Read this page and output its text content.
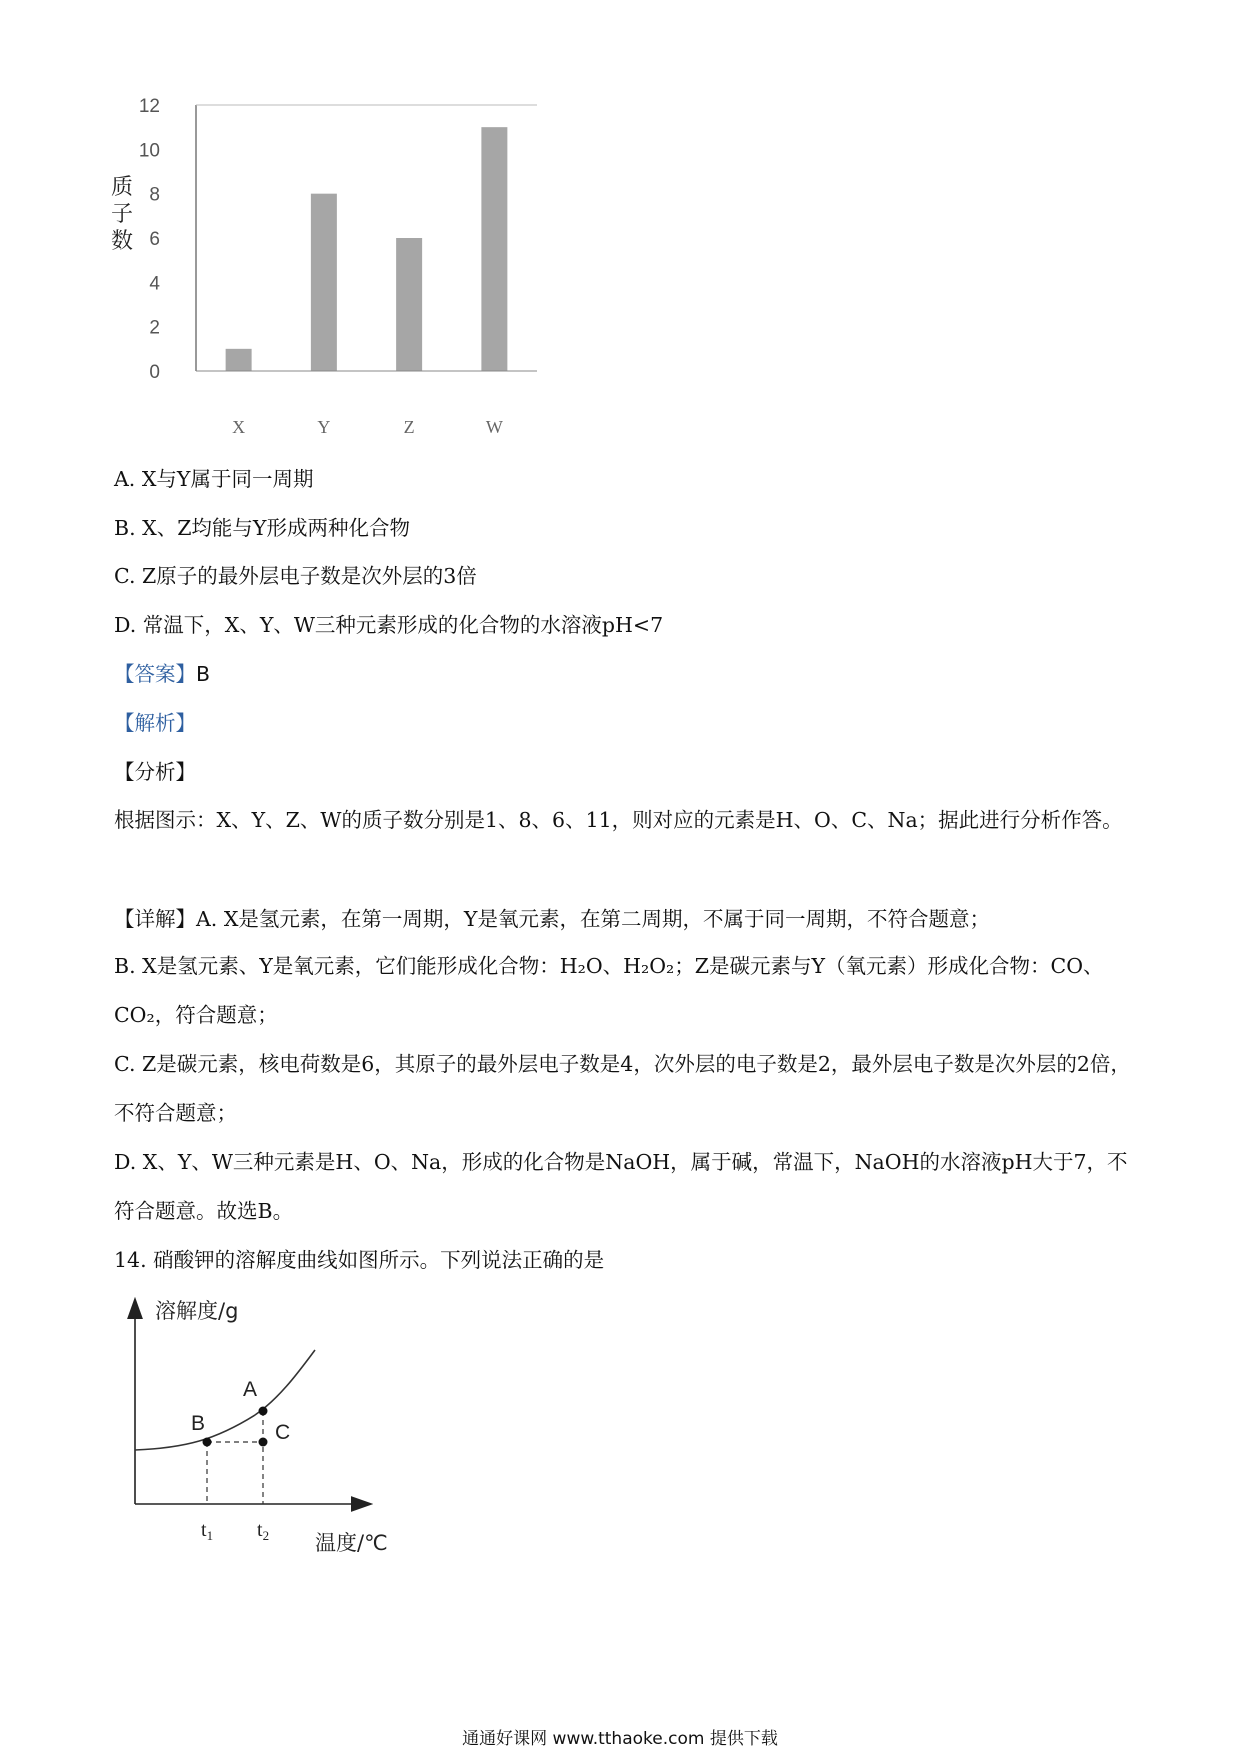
0
2
4
6
8
10
12
X	Y	Z	W
质
子
数
A. X与Y属于同一周期
B. X、Z均能与Y形成两种化合物
C. Z原子的最外层电子数是次外层的3倍
D. 常温下，X、Y、W三种元素形成的化合物的水溶液pH<7
【答案】B
【解析】
【分析】
根据图示：X、Y、Z、W的质子数分别是1、8、6、11，则对应的元素是H、O、C、Na；据此进行分析作答。
【详解】A. X是氢元素，在第一周期，Y是氧元素，在第二周期，不属于同一周期，不符合题意；
B. X是氢元素、Y是氧元素，它们能形成化合物：H₂O、H₂O₂；Z是碳元素与Y（氧元素）形成化合物：CO、CO₂，符合题意；
C. Z是碳元素，核电荷数是6，其原子的最外层电子数是4，次外层的电子数是2，最外层电子数是次外层的2倍，不符合题意；
D. X、Y、W三种元素是H、O、Na，形成的化合物是NaOH，属于碱，常温下，NaOH的水溶液pH大于7，不符合题意。故选B。
14. 硝酸钾的溶解度曲线如图所示。下列说法正确的是
A
B	C
溶解度/g
温度/℃
$t_1$ $t_2$
通通好课网 www.tthaoke.com 提供下载
